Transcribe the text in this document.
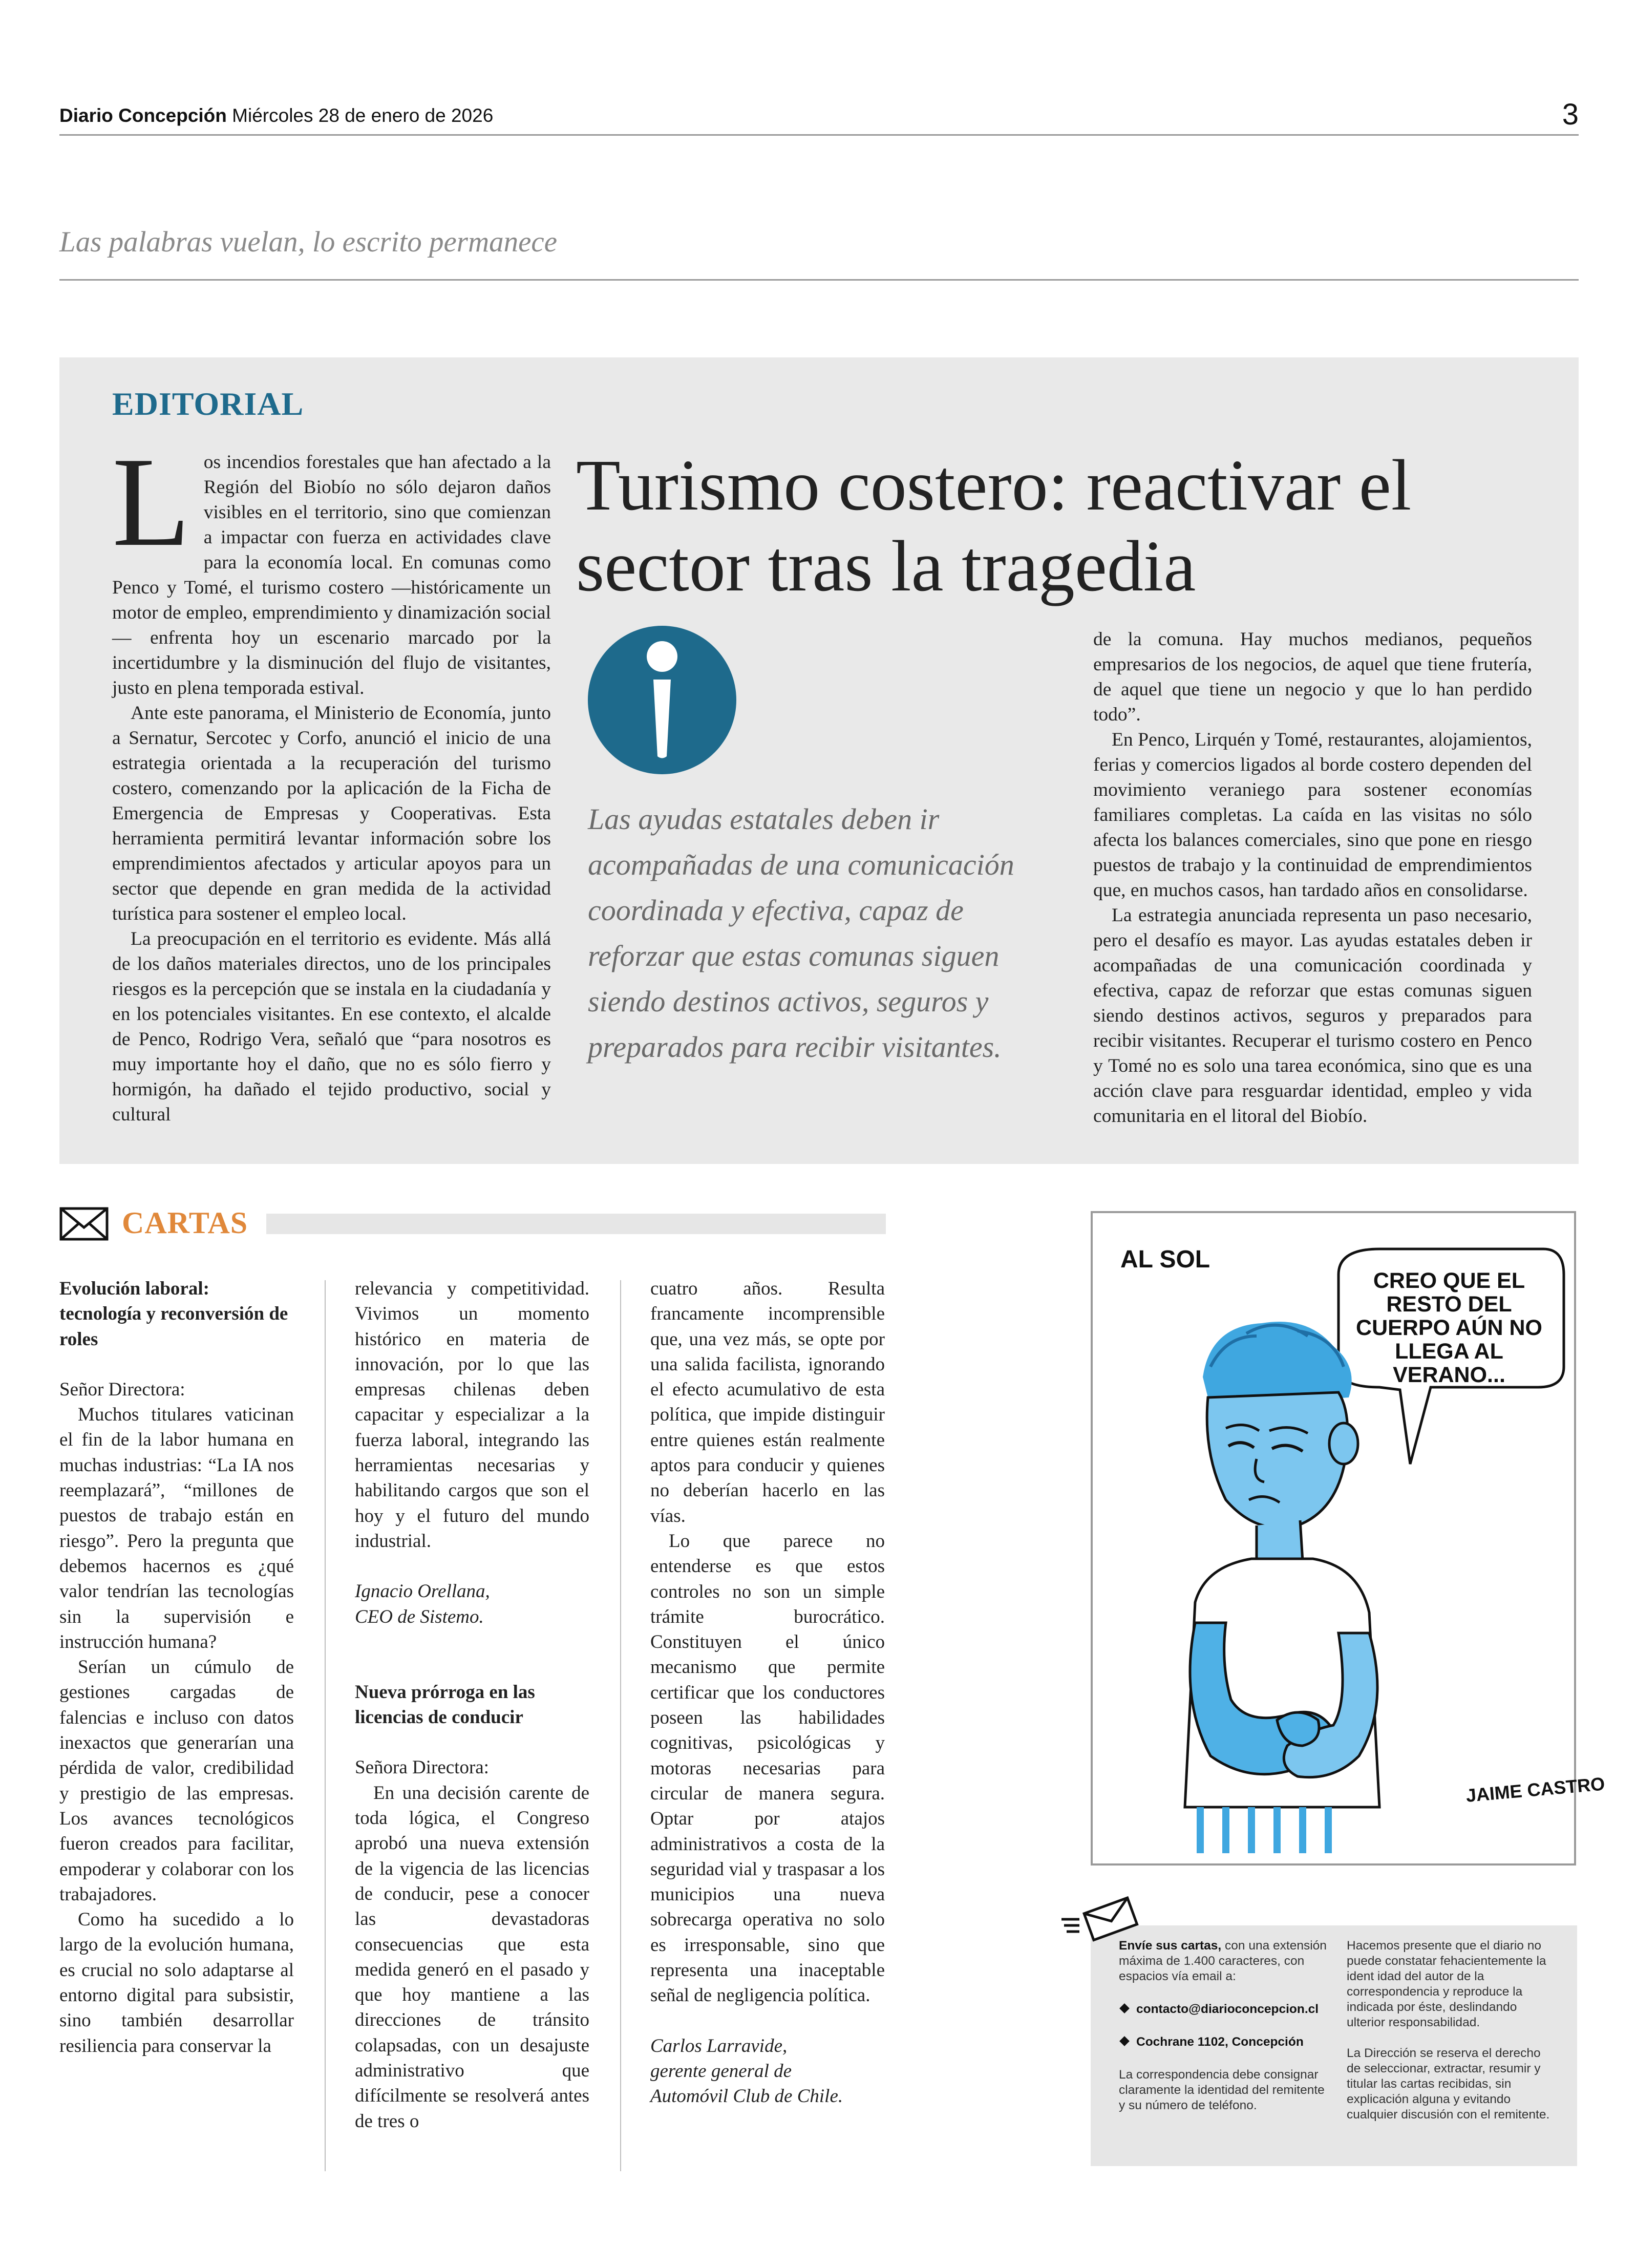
Diario Concepción Miércoles 28 de enero de 2026	3
Las palabras vuelan, lo escrito permanece
EDITORIAL

Los incendios forestales que han afectado a la Región del Biobío no sólo dejaron daños visibles en el territorio, sino que comienzan a impactar con fuerza en actividades clave para la economía local. En comunas como Penco y Tomé, el turismo costero —históricamente un motor de empleo, emprendimiento y dinamización social— enfrenta hoy un escenario marcado por la incertidumbre y la disminución del flujo de visitantes, justo en plena temporada estival.

Ante este panorama, el Ministerio de Economía, junto a Sernatur, Sercotec y Corfo, anunció el inicio de una estrategia orientada a la recuperación del turismo costero, comenzando por la aplicación de la Ficha de Emergencia de Empresas y Cooperativas. Esta herramienta permitirá levantar información sobre los emprendimientos afectados y articular apoyos para un sector que depende en gran medida de la actividad turística para sostener el empleo local.

La preocupación en el territorio es evidente. Más allá de los daños materiales directos, uno de los principales riesgos es la percepción que se instala en la ciudadanía y en los potenciales visitantes. En ese contexto, el alcalde de Penco, Rodrigo Vera, señaló que “para nosotros es muy importante hoy el daño, que no es sólo fierro y hormigón, ha dañado el tejido productivo, social y cultural

Turismo costero: reactivar el sector tras la tragedia
Las ayudas estatales deben ir acompañadas de una comunicación coordinada y efectiva, capaz de reforzar que estas comunas siguen siendo destinos activos, seguros y preparados para recibir visitantes.

de la comuna. Hay muchos medianos, pequeños empresarios de los negocios, de aquel que tiene frutería, de aquel que tiene un negocio y que lo han perdido todo”.

En Penco, Lirquén y Tomé, restaurantes, alojamientos, ferias y comercios ligados al borde costero dependen del movimiento veraniego para sostener economías familiares completas. La caída en las visitas no sólo afecta los balances comerciales, sino que pone en riesgo puestos de trabajo y la continuidad de emprendimientos que, en muchos casos, han tardado años en consolidarse.

La estrategia anunciada representa un paso necesario, pero el desafío es mayor. Las ayudas estatales deben ir acompañadas de una comunicación coordinada y efectiva, capaz de reforzar que estas comunas siguen siendo destinos activos, seguros y preparados para recibir visitantes. Recuperar el turismo costero en Penco y Tomé no es solo una tarea económica, sino que es una acción clave para resguardar identidad, empleo y vida comunitaria en el litoral del Biobío.

CARTAS

Evolución laboral: tecnología y reconversión de roles

Señor Directora:

Muchos titulares vaticinan el fin de la labor humana en muchas industrias: “La IA nos reemplazará”, “millones de puestos de trabajo están en riesgo”. Pero la pregunta que debemos hacernos es ¿qué valor tendrían las tecnologías sin la supervisión e instrucción humana?

Serían un cúmulo de gestiones cargadas de falencias e incluso con datos inexactos que generarían una pérdida de valor, credibilidad y prestigio de las empresas. Los avances tecnológicos fueron creados para facilitar, empoderar y colaborar con los trabajadores.

Como ha sucedido a lo largo de la evolución humana, es crucial no solo adaptarse al entorno digital para subsistir, sino también desarrollar resiliencia para conservar la

relevancia y competitividad. Vivimos un momento histórico en materia de innovación, por lo que las empresas chilenas deben capacitar y especializar a la fuerza laboral, integrando las herramientas necesarias y habilitando cargos que son el hoy y el futuro del mundo industrial.

Ignacio Orellana,

CEO de Sistemo.

Nueva prórroga en las licencias de conducir

Señora Directora:

En una decisión carente de toda lógica, el Congreso aprobó una nueva extensión de la vigencia de las licencias de conducir, pese a conocer las devastadoras consecuencias que esta medida generó en el pasado y que hoy mantiene a las direcciones de tránsito colapsadas, con un desajuste administrativo que difícilmente se resolverá antes de tres o

cuatro años. Resulta francamente incomprensible que, una vez más, se opte por una salida facilista, ignorando el efecto acumulativo de esta política, que impide distinguir entre quienes están realmente aptos para conducir y quienes no deberían hacerlo en las vías.

Lo que parece no entenderse es que estos controles no son un simple trámite burocrático. Constituyen el único mecanismo que permite certificar que los conductores poseen las habilidades cognitivas, psicológicas y motoras necesarias para circular de manera segura. Optar por atajos administrativos a costa de la seguridad vial y traspasar a los municipios una nueva sobrecarga operativa no solo es irresponsable, sino que representa una inaceptable señal de negligencia política.

Carlos Larravide,

gerente general de

Automóvil Club de Chile.

JAIME CASTRO
AL SOL
CREO QUE EL RESTO DEL CUERPO AÚN NO LLEGA AL VERANO...

Envíe sus cartas, con una extensión máxima de 1.400 caracteres, con espacios vía email a:

contacto@diarioconcepcion.cl
Cochrane 1102, Concepción

La correspondencia debe consignar claramente la identidad del remitente y su número de teléfono.

Hacemos presente que el diario no puede constatar fehacientemente la ident idad del autor de la correspondencia y reproduce la indicada por éste, deslindando ulterior responsabilidad.

La Dirección se reserva el derecho de seleccionar, extractar, resumir y titular las cartas recibidas, sin explicación alguna y evitando cualquier discusión con el remitente.
